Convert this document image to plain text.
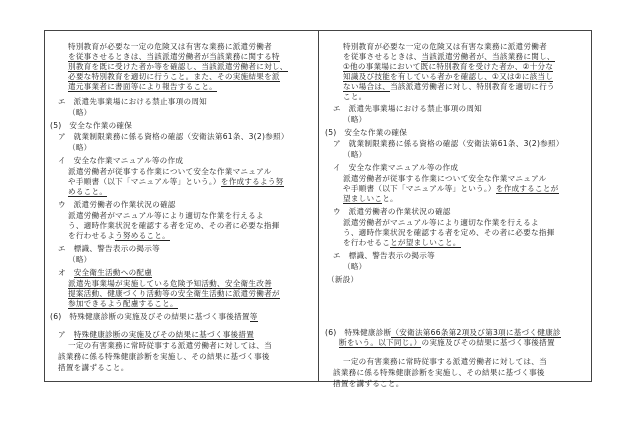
特別教育が必要な一定の危険又は有害な業務に派遣労働者
を従事させるときは、当該派遣労働者が当該業務に関する特
別教育を既に受けた者か等を確認し、当該派遣労働者に対し、
必要な特別教育を適切に行うこと。また、その実施結果を派
遣元事業者に書面等により報告すること。
エ　派遣先事業場における禁止事項の周知
（略）
(5)　安全な作業の確保
ア　就業制限業務に係る資格の確認（安衛法第61条、3(2)参照）
（略）
イ　安全な作業マニュアル等の作成
派遣労働者が従事する作業について安全な作業マニュアル
や手順書（以下「マニュアル等」という。）を作成するよう努
めること。
ウ　派遣労働者の作業状況の確認
派遣労働者がマニュアル等により適切な作業を行えるよ
う、適時作業状況を確認する者を定め、その者に必要な指揮
を行わせるよう努めること。
エ　標識、警告表示の掲示等
（略）
オ　安全衛生活動への配慮
派遣先事業場が実施している危険予知活動、安全衛生改善
提案活動、健康づくり活動等の安全衛生活動に派遣労働者が
参加できるよう配慮すること。
(6)　特殊健康診断の実施及びその結果に基づく事後措置等
ア　特殊健康診断の実施及びその結果に基づく事後措置
一定の有害業務に常時従事する派遣労働者に対しては、当
該業務に係る特殊健康診断を実施し、その結果に基づく事後
措置を講ずること。
特別教育が必要な一定の危険又は有害な業務に派遣労働者
を従事させるときは、当該派遣労働者が、当該業務に関し、
①他の事業場において既に特別教育を受けた者か、②十分な
知識及び技能を有している者かを確認し、①又は②に該当し
ない場合は、当該派遣労働者に対し、特別教育を適切に行う
こと。
エ　派遣先事業場における禁止事項の周知
（略）
(5)　安全な作業の確保
ア　就業制限業務に係る資格の確認（安衛法第61条、3(2)参照）
（略）
イ　安全な作業マニュアル等の作成
派遣労働者が従事する作業について安全な作業マニュアル
や手順書（以下「マニュアル等」という。）を作成することが
望ましいこと。
ウ　派遣労働者の作業状況の確認
派遣労働者がマニュアル等により適切な作業を行えるよ
う、適時作業状況を確認する者を定め、その者に必要な指揮
を行わせることが望ましいこと。
エ　標識、警告表示の掲示等
（略）
（新設）
(6)　特殊健康診断（安衛法第66条第2項及び第3項に基づく健康診
断をいう。以下同じ。）の実施及びその結果に基づく事後措置
一定の有害業務に常時従事する派遣労働者に対しては、当
該業務に係る特殊健康診断を実施し、その結果に基づく事後
措置を講ずること。
